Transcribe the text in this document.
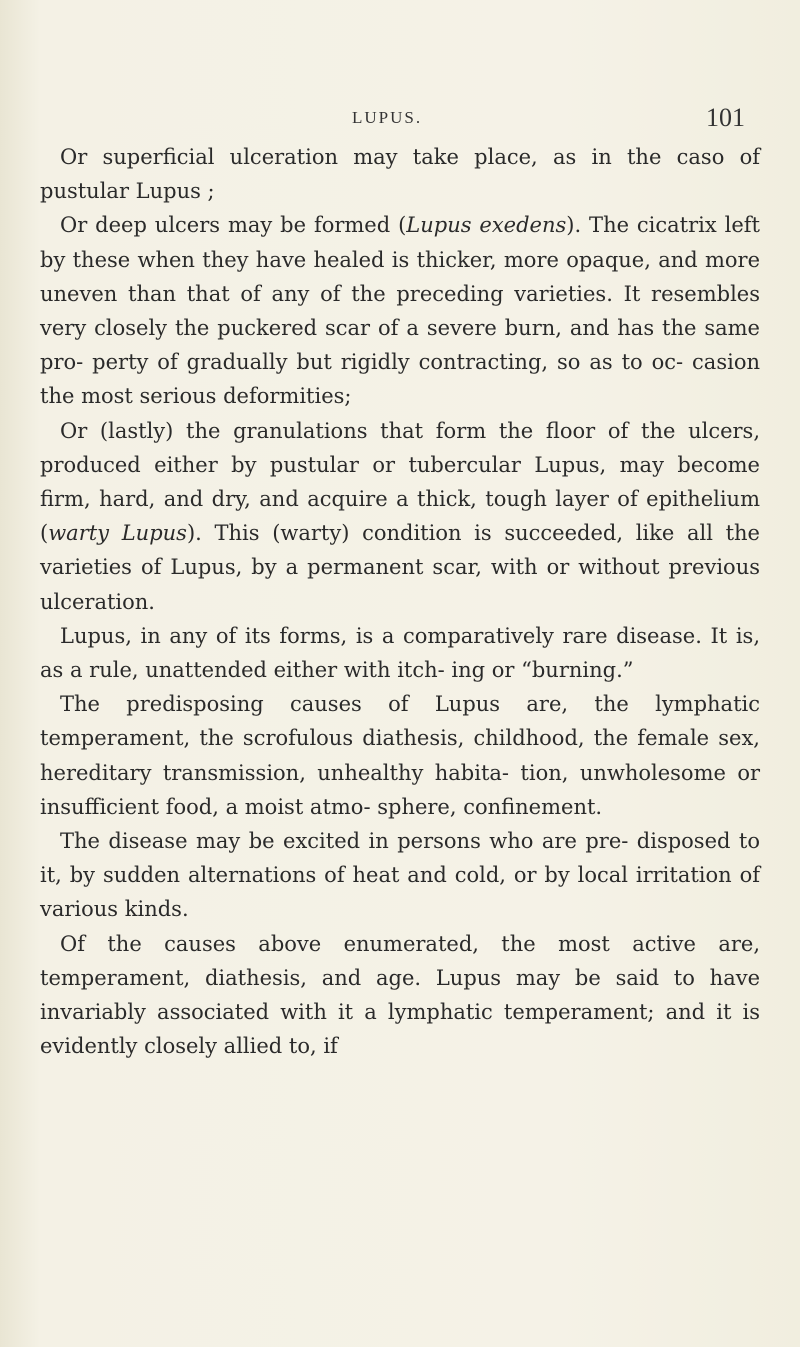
LUPUS.	101

Or superficial ulceration may take place, as in the caso of pustular Lupus ;

Or deep ulcers may be formed (Lupus exedens). The cicatrix left by these when they have healed is thicker, more opaque, and more uneven than that of any of the preceding varieties. It resembles very closely the puckered scar of a severe burn, and has the same pro- perty of gradually but rigidly contracting, so as to oc- casion the most serious deformities;

Or (lastly) the granulations that form the floor of the ulcers, produced either by pustular or tubercular Lupus, may become firm, hard, and dry, and acquire a thick, tough layer of epithelium (warty Lupus). This (warty) condition is succeeded, like all the varieties of Lupus, by a permanent scar, with or without previous ulceration.

Lupus, in any of its forms, is a comparatively rare disease. It is, as a rule, unattended either with itch- ing or “burning.”

The predisposing causes of Lupus are, the lymphatic temperament, the scrofulous diathesis, childhood, the female sex, hereditary transmission, unhealthy habita- tion, unwholesome or insufficient food, a moist atmo- sphere, confinement.

The disease may be excited in persons who are pre- disposed to it, by sudden alternations of heat and cold, or by local irritation of various kinds.

Of the causes above enumerated, the most active are, temperament, diathesis, and age. Lupus may be said to have invariably associated with it a lymphatic temperament; and it is evidently closely allied to, if
